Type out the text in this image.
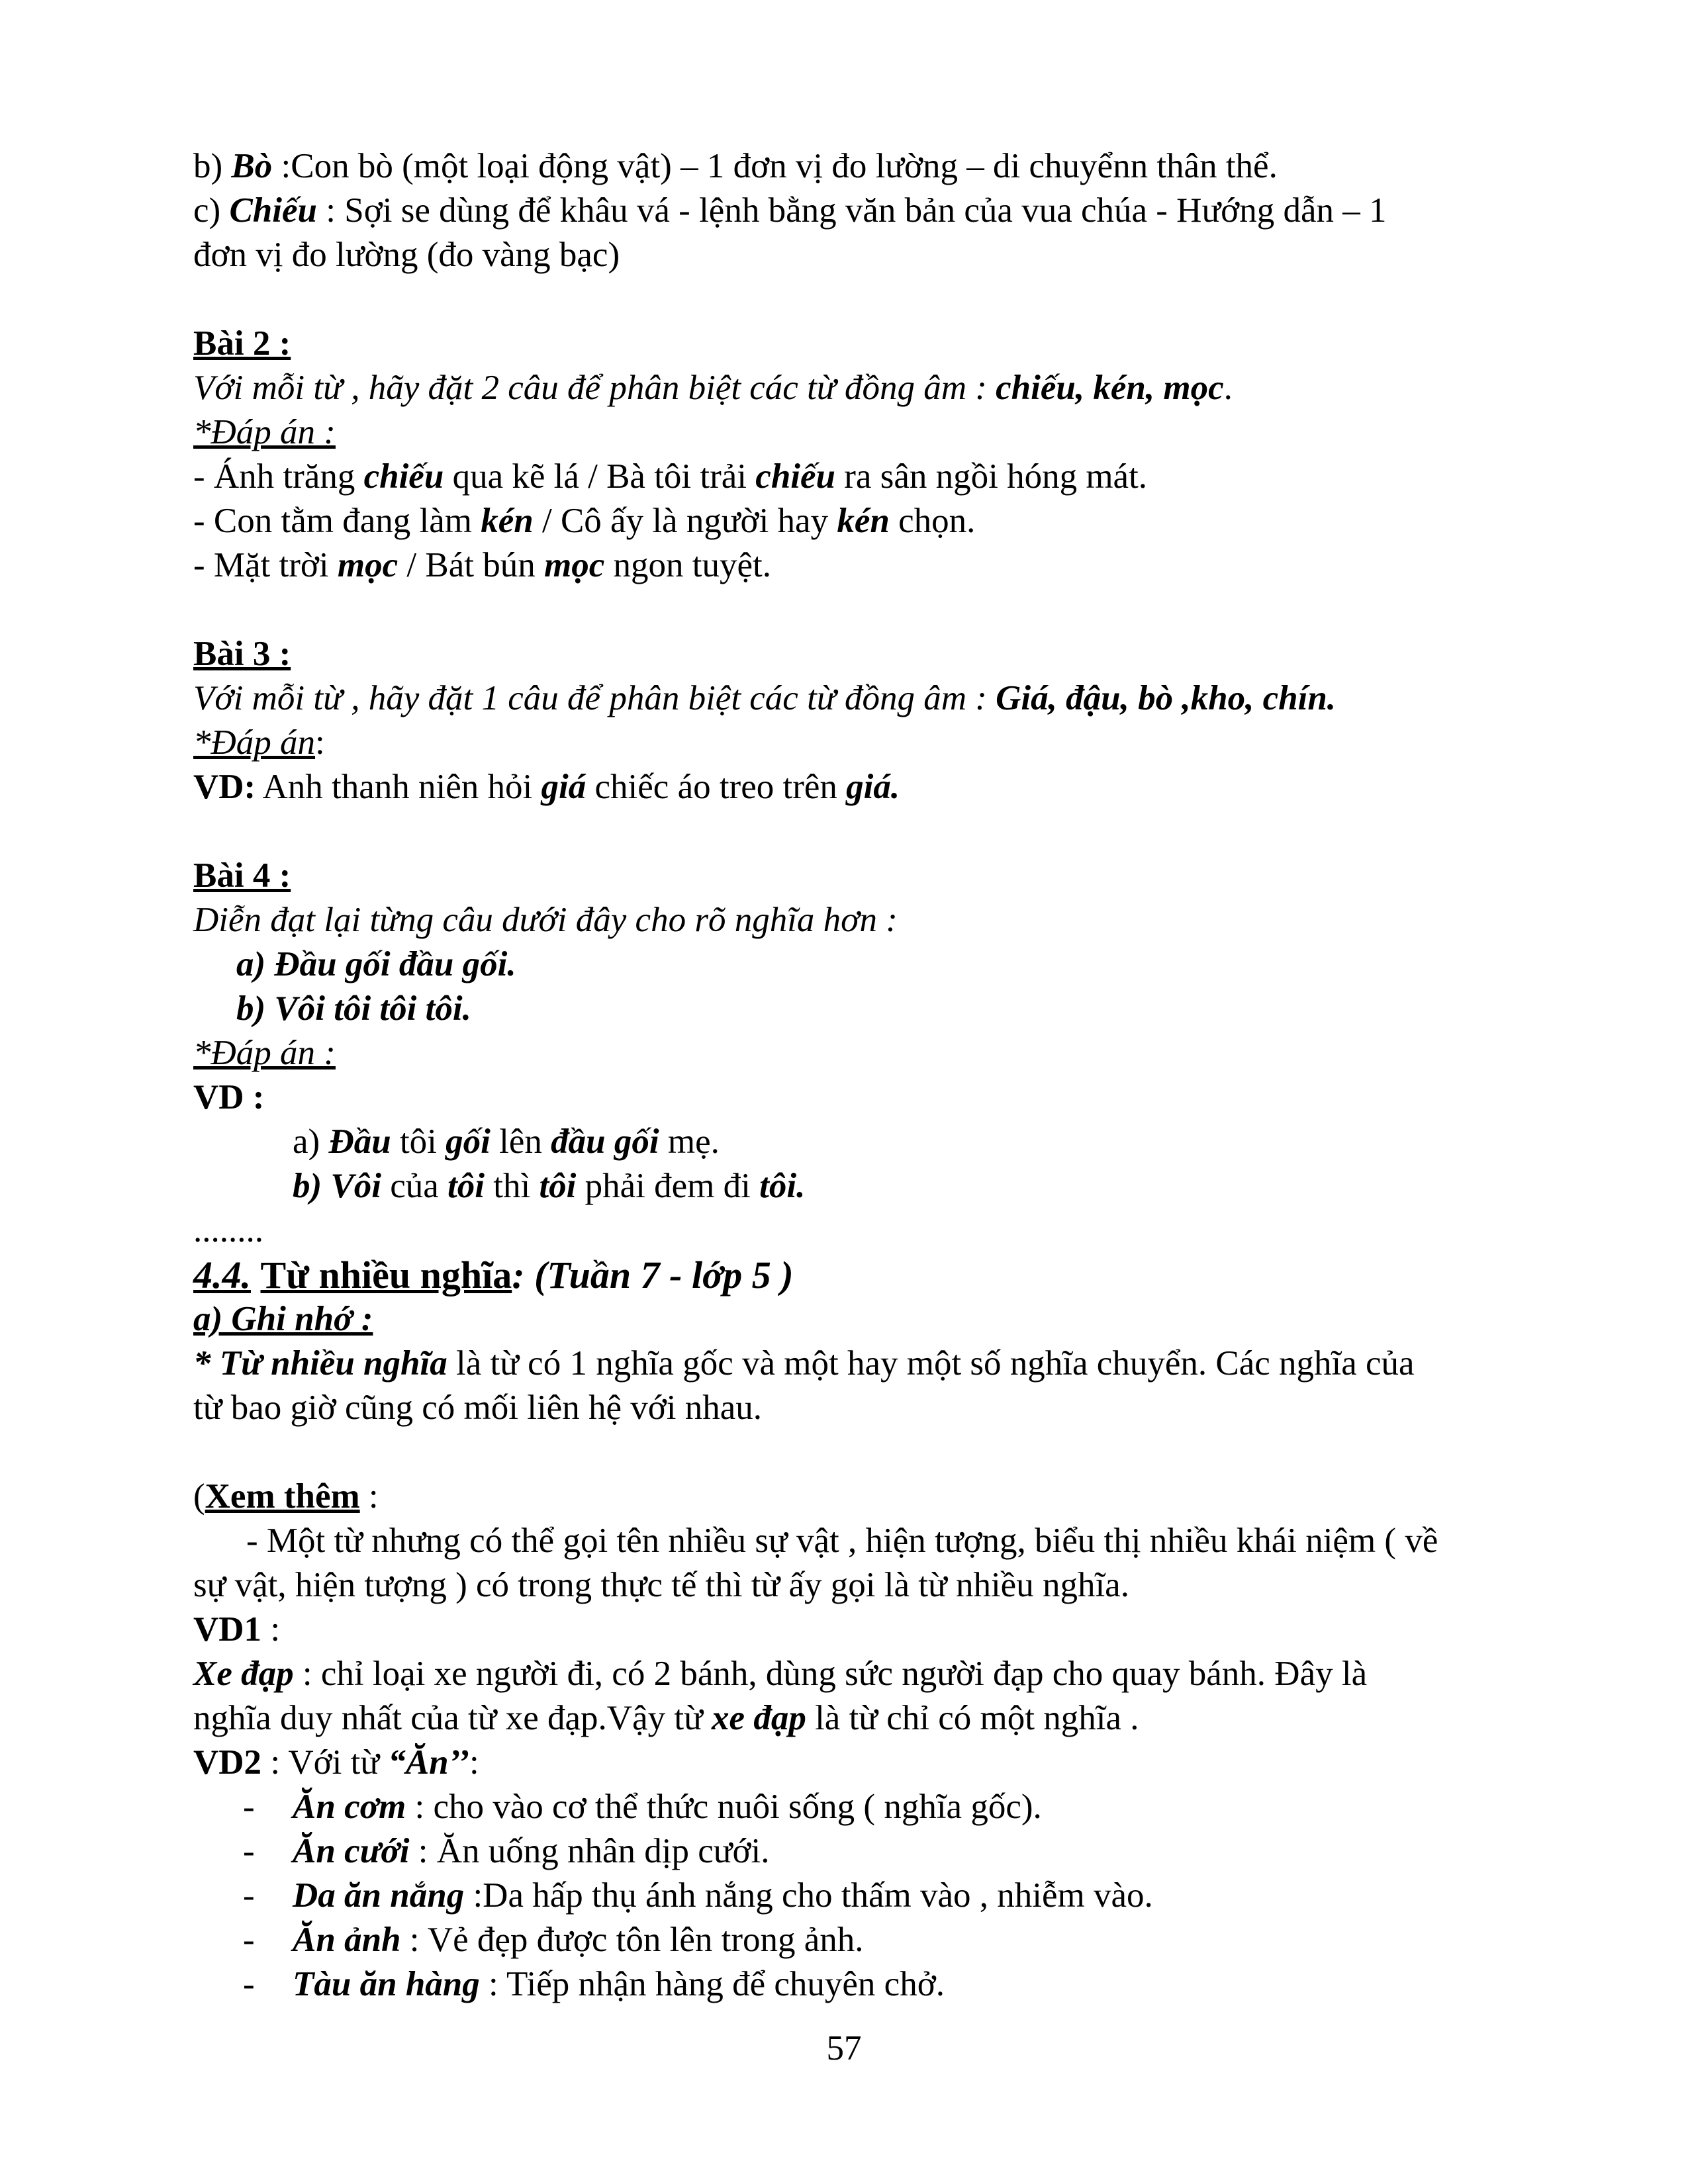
b) Bò :Con bò (một loại động vật) – 1 đơn vị đo lường – di chuyểnn thân thể.
c) Chiếu : Sợi se dùng để khâu vá - lệnh bằng văn bản của vua chúa - Hướng dẫn – 1
đơn vị đo lường (đo vàng bạc)
Bài 2 :
Với mỗi từ , hãy đặt 2 câu để phân biệt các từ đồng âm : chiếu, kén, mọc.
*Đáp án :
- Ánh trăng chiếu qua kẽ lá / Bà tôi trải chiếu ra sân ngồi hóng mát.
- Con tằm đang làm kén / Cô ấy là người hay kén chọn.
- Mặt trời mọc / Bát bún mọc ngon tuyệt.
Bài 3 :
Với mỗi từ , hãy đặt 1 câu để phân biệt các từ đồng âm : Giá, đậu, bò ,kho, chín.
*Đáp án:
VD: Anh thanh niên hỏi giá chiếc áo treo trên giá.
Bài 4 :
Diễn đạt lại từng câu dưới đây cho rõ nghĩa hơn :
a) Đầu gối đầu gối.
b) Vôi tôi tôi tôi.
*Đáp án :
VD :
a) Đầu tôi gối lên đầu gối mẹ.
b) Vôi của tôi thì tôi phải đem đi tôi.
........
4.4. Từ nhiều nghĩa: (Tuần 7 - lớp 5 )
a) Ghi nhớ :
* Từ nhiều nghĩa là từ có 1 nghĩa gốc và một hay một số nghĩa chuyển. Các nghĩa của
từ bao giờ cũng có mối liên hệ với nhau.
(Xem thêm :
- Một từ nhưng có thể gọi tên nhiều sự vật , hiện tượng, biểu thị nhiều khái niệm ( về
sự vật, hiện tượng ) có trong thực tế thì từ ấy gọi là từ nhiều nghĩa.
VD1 :
Xe đạp : chỉ loại xe người đi, có 2 bánh, dùng sức người đạp cho quay bánh. Đây là
nghĩa duy nhất của từ xe đạp.Vậy từ xe đạp là từ chỉ có một nghĩa .
VD2 : Với từ “Ăn’’:
-	Ăn cơm : cho vào cơ thể thức nuôi sống ( nghĩa gốc).
-	Ăn cưới : Ăn uống nhân dịp cưới.
-	Da ăn nắng :Da hấp thụ ánh nắng cho thấm vào , nhiễm vào.
-	Ăn ảnh : Vẻ đẹp được tôn lên trong ảnh.
-	Tàu ăn hàng : Tiếp nhận hàng để chuyên chở.
57
